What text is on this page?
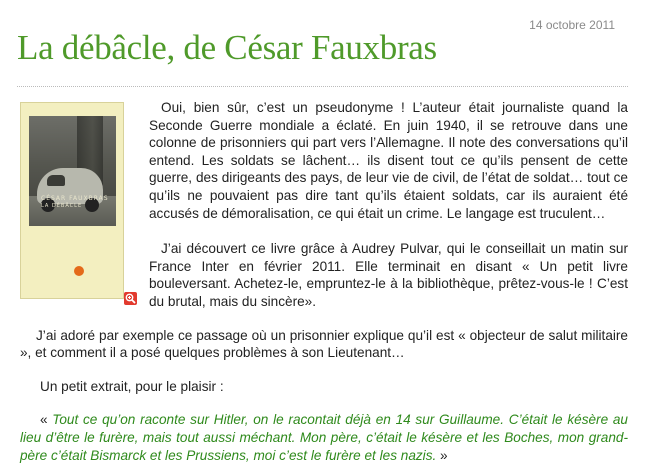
14 octobre 2011
La débâcle, de César Fauxbras
CÉSAR FAUXBRAS
LA DÉBÂCLE

Oui, bien sûr, c’est un pseudonyme ! L’auteur était journaliste quand la Seconde Guerre mondiale a éclaté. En juin 1940, il se retrouve dans une colonne de prisonniers qui part vers l’Allemagne. Il note des conversations qu’il entend. Les soldats se lâchent… ils disent tout ce qu’ils pensent de cette guerre, des dirigeants des pays, de leur vie de civil, de l’état de soldat… tout ce qu’ils ne pouvaient pas dire tant qu’ils étaient soldats, car ils auraient été accusés de démoralisation, ce qui était un crime. Le langage est truculent…

J’ai découvert ce livre grâce à Audrey Pulvar, qui le conseillait un matin sur France Inter en février 2011. Elle terminait en disant « Un petit livre bouleversant. Achetez-le, empruntez-le à la bibliothèque, prêtez-vous-le ! C’est du brutal, mais du sincère».

J’ai adoré par exemple ce passage où un prisonnier explique qu’il est « objecteur de salut militaire », et comment il a posé quelques problèmes à son Lieutenant…

Un petit extrait, pour le plaisir :

« Tout ce qu’on raconte sur Hitler, on le racontait déjà en 14 sur Guillaume. C’était le késère au lieu d’être le furère, mais tout aussi méchant. Mon père, c’était le késère et les Boches, mon grand-père c’était Bismarck et les Prussiens, moi c’est le furère et les nazis. »
